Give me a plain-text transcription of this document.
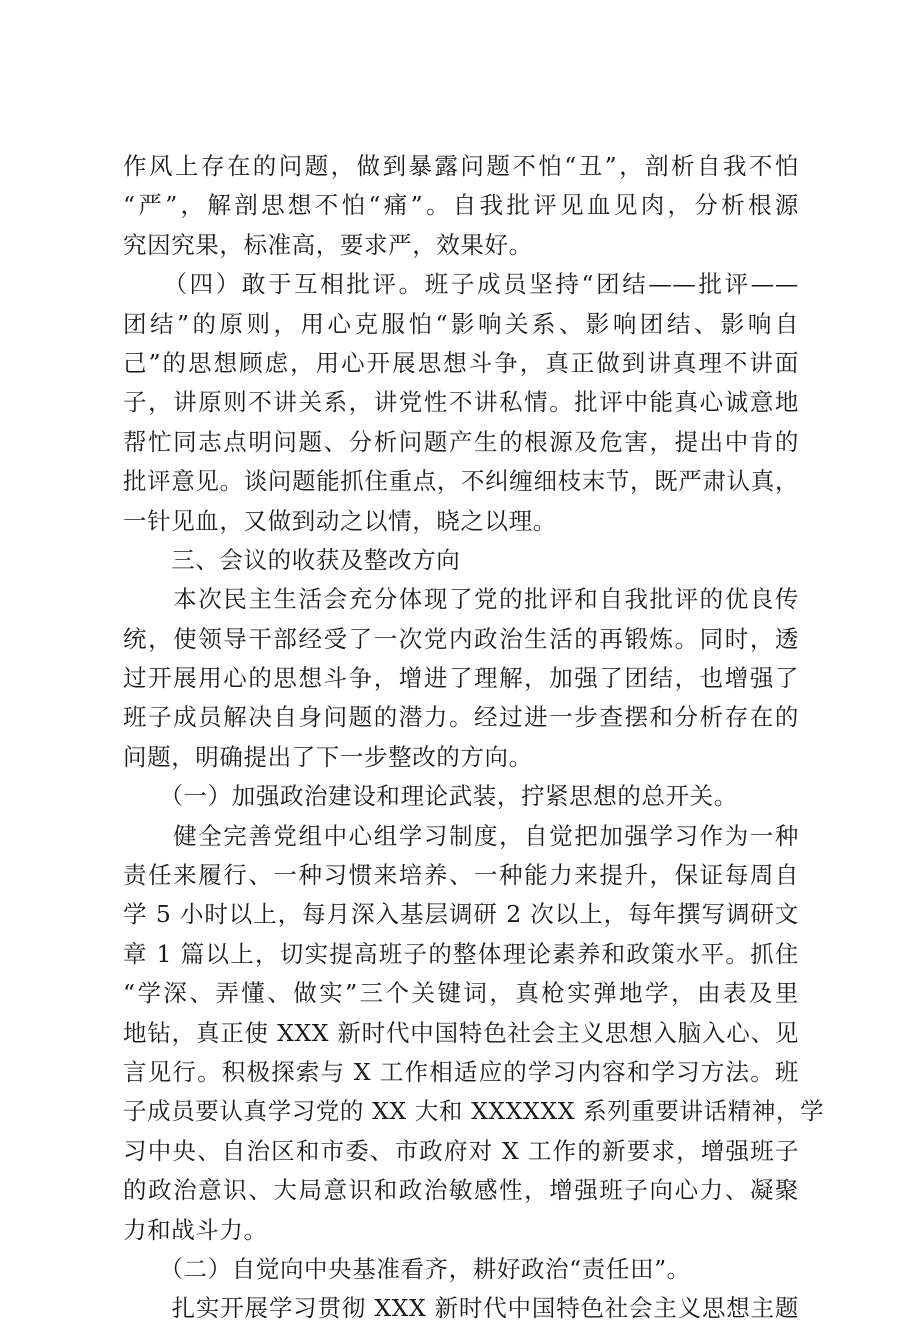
作风上存在的问题，做到暴露问题不怕“丑”，剖析自我不怕
“严”，解剖思想不怕“痛”。自我批评见血见肉，分析根源
究因究果，标准高，要求严，效果好。
　　（四）敢于互相批评。班子成员坚持“团结——批评——
团结”的原则，用心克服怕“影响关系、影响团结、影响自
己”的思想顾虑，用心开展思想斗争，真正做到讲真理不讲面
子，讲原则不讲关系，讲党性不讲私情。批评中能真心诚意地
帮忙同志点明问题、分析问题产生的根源及危害，提出中肯的
批评意见。谈问题能抓住重点，不纠缠细枝末节，既严肃认真，
一针见血，又做到动之以情，晓之以理。
　　三、会议的收获及整改方向
　　本次民主生活会充分体现了党的批评和自我批评的优良传
统，使领导干部经受了一次党内政治生活的再锻炼。同时，透
过开展用心的思想斗争，增进了理解，加强了团结，也增强了
班子成员解决自身问题的潜力。经过进一步查摆和分析存在的
问题，明确提出了下一步整改的方向。
　　（一）加强政治建设和理论武装，拧紧思想的总开关。
　　健全完善党组中心组学习制度，自觉把加强学习作为一种
责任来履行、一种习惯来培养、一种能力来提升，保证每周自
学 5 小时以上，每月深入基层调研 2 次以上，每年撰写调研文
章 1 篇以上，切实提高班子的整体理论素养和政策水平。抓住
“学深、弄懂、做实”三个关键词，真枪实弹地学，由表及里
地钻，真正使 XXX 新时代中国特色社会主义思想入脑入心、见
言见行。积极探索与 X 工作相适应的学习内容和学习方法。班
子成员要认真学习党的 XX 大和 XXXXXX 系列重要讲话精神，学
习中央、自治区和市委、市政府对 X 工作的新要求，增强班子
的政治意识、大局意识和政治敏感性，增强班子向心力、凝聚
力和战斗力。
　　（二）自觉向中央基准看齐，耕好政治“责任田”。
　　扎实开展学习贯彻 XXX 新时代中国特色社会主义思想主题
